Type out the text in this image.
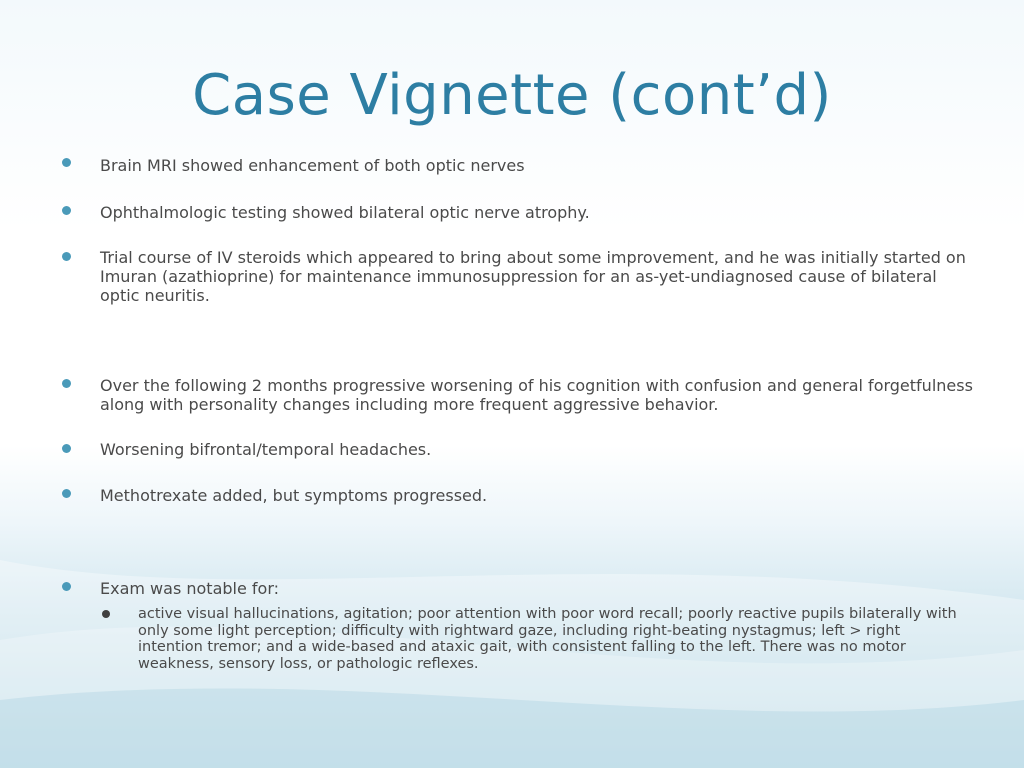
Case Vignette (cont’d)
Brain MRI showed enhancement of both optic nerves
Ophthalmologic testing showed bilateral optic nerve atrophy.
Trial course of IV steroids which appeared to bring about some improvement, and he was initially started on Imuran (azathioprine) for maintenance immunosuppression for an as-yet-undiagnosed cause of bilateral optic neuritis.
Over the following 2 months progressive worsening of his cognition with confusion and general forgetfulness along with personality changes including more frequent aggressive behavior.
Worsening bifrontal/temporal headaches.
Methotrexate added, but symptoms progressed.
Exam was notable for:
active visual hallucinations, agitation; poor attention with poor word recall; poorly reactive pupils bilaterally with only some light perception; difficulty with rightward gaze, including right-beating nystagmus; left > right intention tremor; and a wide-based and ataxic gait, with consistent falling to the left. There was no motor weakness, sensory loss, or pathologic reflexes.
